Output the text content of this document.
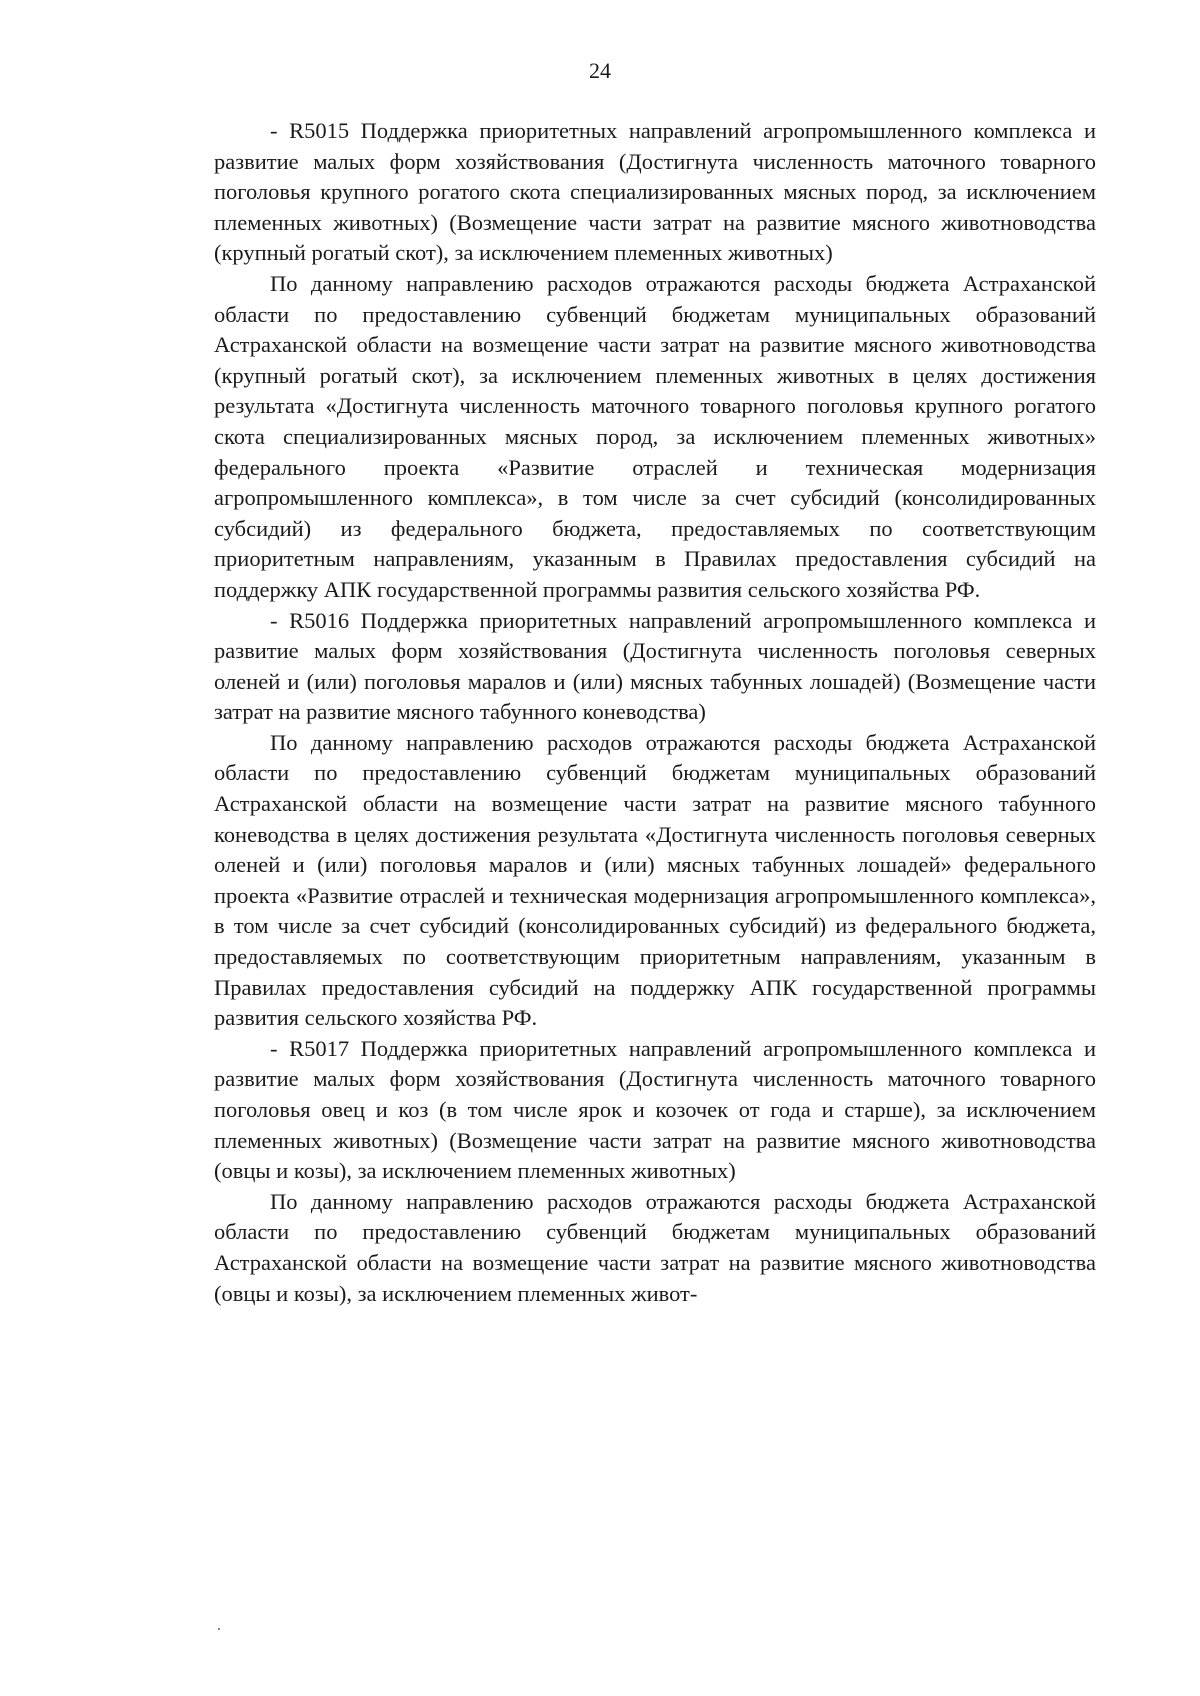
24

- R5015 Поддержка приоритетных направлений агропромышленного комплекса и развитие малых форм хозяйствования (Достигнута численность маточного товарного поголовья крупного рогатого скота специализированных мясных пород, за исключением племенных животных) (Возмещение части затрат на развитие мясного животноводства (крупный рогатый скот), за исключением племенных животных)

По данному направлению расходов отражаются расходы бюджета Астраханской области по предоставлению субвенций бюджетам муниципальных образований Астраханской области на возмещение части затрат на развитие мясного животноводства (крупный рогатый скот), за исключением племенных животных в целях достижения результата «Достигнута численность маточного товарного поголовья крупного рогатого скота специализированных мясных пород, за исключением племенных животных» федерального проекта «Развитие отраслей и техническая модернизация агропромышленного комплекса», в том числе за счет субсидий (консолидированных субсидий) из федерального бюджета, предоставляемых по соответствующим приоритетным направлениям, указанным в Правилах предоставления субсидий на поддержку АПК государственной программы развития сельского хозяйства РФ.

- R5016 Поддержка приоритетных направлений агропромышленного комплекса и развитие малых форм хозяйствования (Достигнута численность поголовья северных оленей и (или) поголовья маралов и (или) мясных табунных лошадей) (Возмещение части затрат на развитие мясного табунного коневодства)

По данному направлению расходов отражаются расходы бюджета Астраханской области по предоставлению субвенций бюджетам муниципальных образований Астраханской области на возмещение части затрат на развитие мясного табунного коневодства в целях достижения результата «Достигнута численность поголовья северных оленей и (или) поголовья маралов и (или) мясных табунных лошадей» федерального проекта «Развитие отраслей и техническая модернизация агропромышленного комплекса», в том числе за счет субсидий (консолидированных субсидий) из федерального бюджета, предоставляемых по соответствующим приоритетным направлениям, указанным в Правилах предоставления субсидий на поддержку АПК государственной программы развития сельского хозяйства РФ.

- R5017 Поддержка приоритетных направлений агропромышленного комплекса и развитие малых форм хозяйствования (Достигнута численность маточного товарного поголовья овец и коз (в том числе ярок и козочек от года и старше), за исключением племенных животных) (Возмещение части затрат на развитие мясного животноводства (овцы и козы), за исключением племенных животных)

По данному направлению расходов отражаются расходы бюджета Астраханской области по предоставлению субвенций бюджетам муниципальных образований Астраханской области на возмещение части затрат на развитие мясного животноводства (овцы и козы), за исключением племенных живот-
